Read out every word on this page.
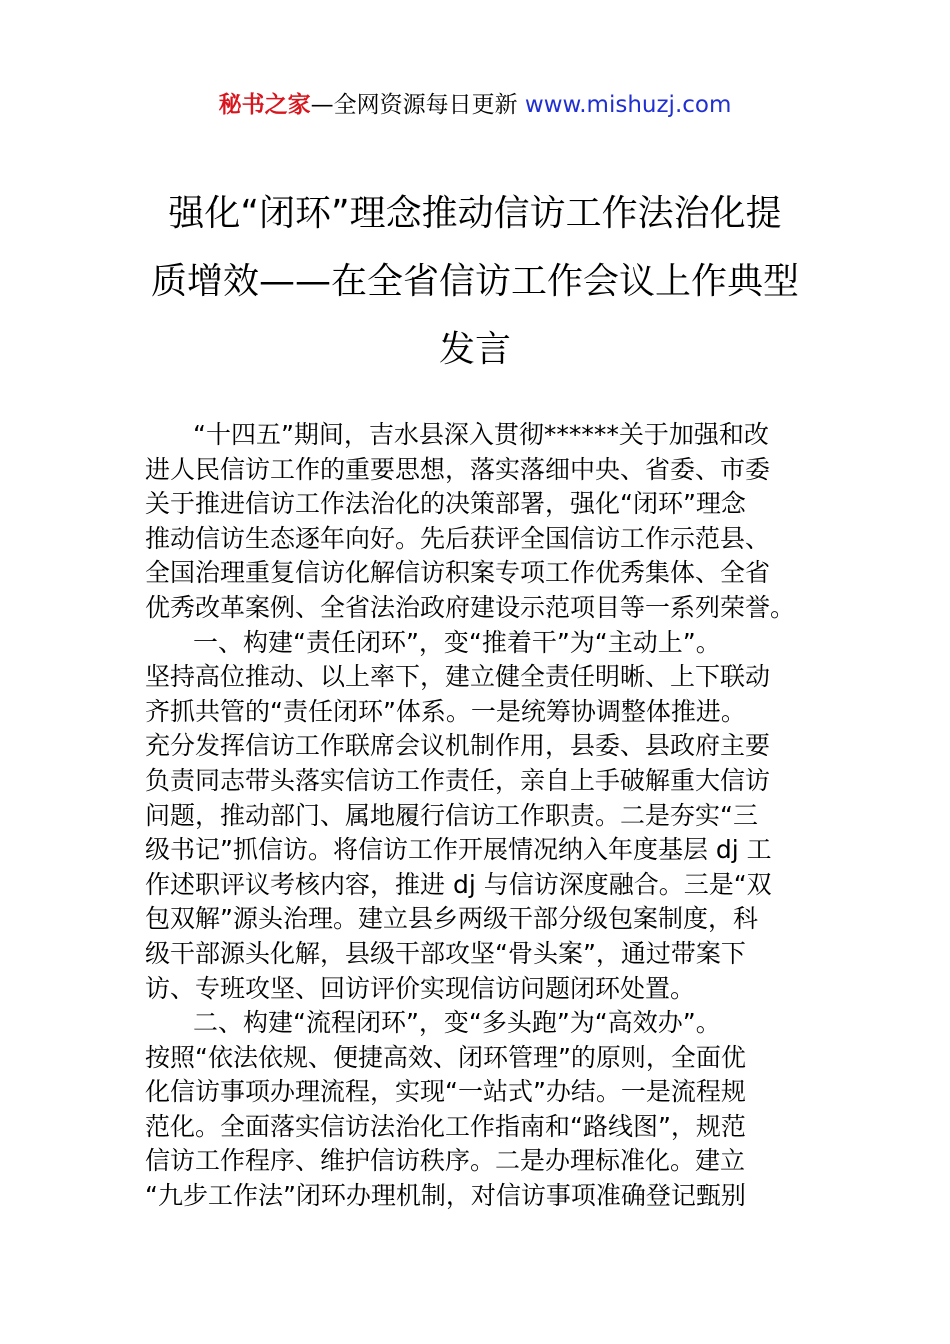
秘书之家—全网资源每日更新 www.mishuzj.com
强化“闭环”理念推动信访工作法治化提
质增效——在全省信访工作会议上作典型
发言
“十四五”期间，吉水县深入贯彻******关于加强和改
进人民信访工作的重要思想，落实落细中央、省委、市委
关于推进信访工作法治化的决策部署，强化“闭环”理念
推动信访生态逐年向好。先后获评全国信访工作示范县、
全国治理重复信访化解信访积案专项工作优秀集体、全省
优秀改革案例、全省法治政府建设示范项目等一系列荣誉。
一、构建“责任闭环”，变“推着干”为“主动上”。
坚持高位推动、以上率下，建立健全责任明晰、上下联动
齐抓共管的“责任闭环”体系。一是统筹协调整体推进。
充分发挥信访工作联席会议机制作用，县委、县政府主要
负责同志带头落实信访工作责任，亲自上手破解重大信访
问题，推动部门、属地履行信访工作职责。二是夯实“三
级书记”抓信访。将信访工作开展情况纳入年度基层 dj 工
作述职评议考核内容，推进 dj 与信访深度融合。三是“双
包双解”源头治理。建立县乡两级干部分级包案制度，科
级干部源头化解，县级干部攻坚“骨头案”，通过带案下
访、专班攻坚、回访评价实现信访问题闭环处置。
二、构建“流程闭环”，变“多头跑”为“高效办”。
按照“依法依规、便捷高效、闭环管理”的原则，全面优
化信访事项办理流程，实现“一站式”办结。一是流程规
范化。全面落实信访法治化工作指南和“路线图”，规范
信访工作程序、维护信访秩序。二是办理标准化。建立
“九步工作法”闭环办理机制，对信访事项准确登记甄别
